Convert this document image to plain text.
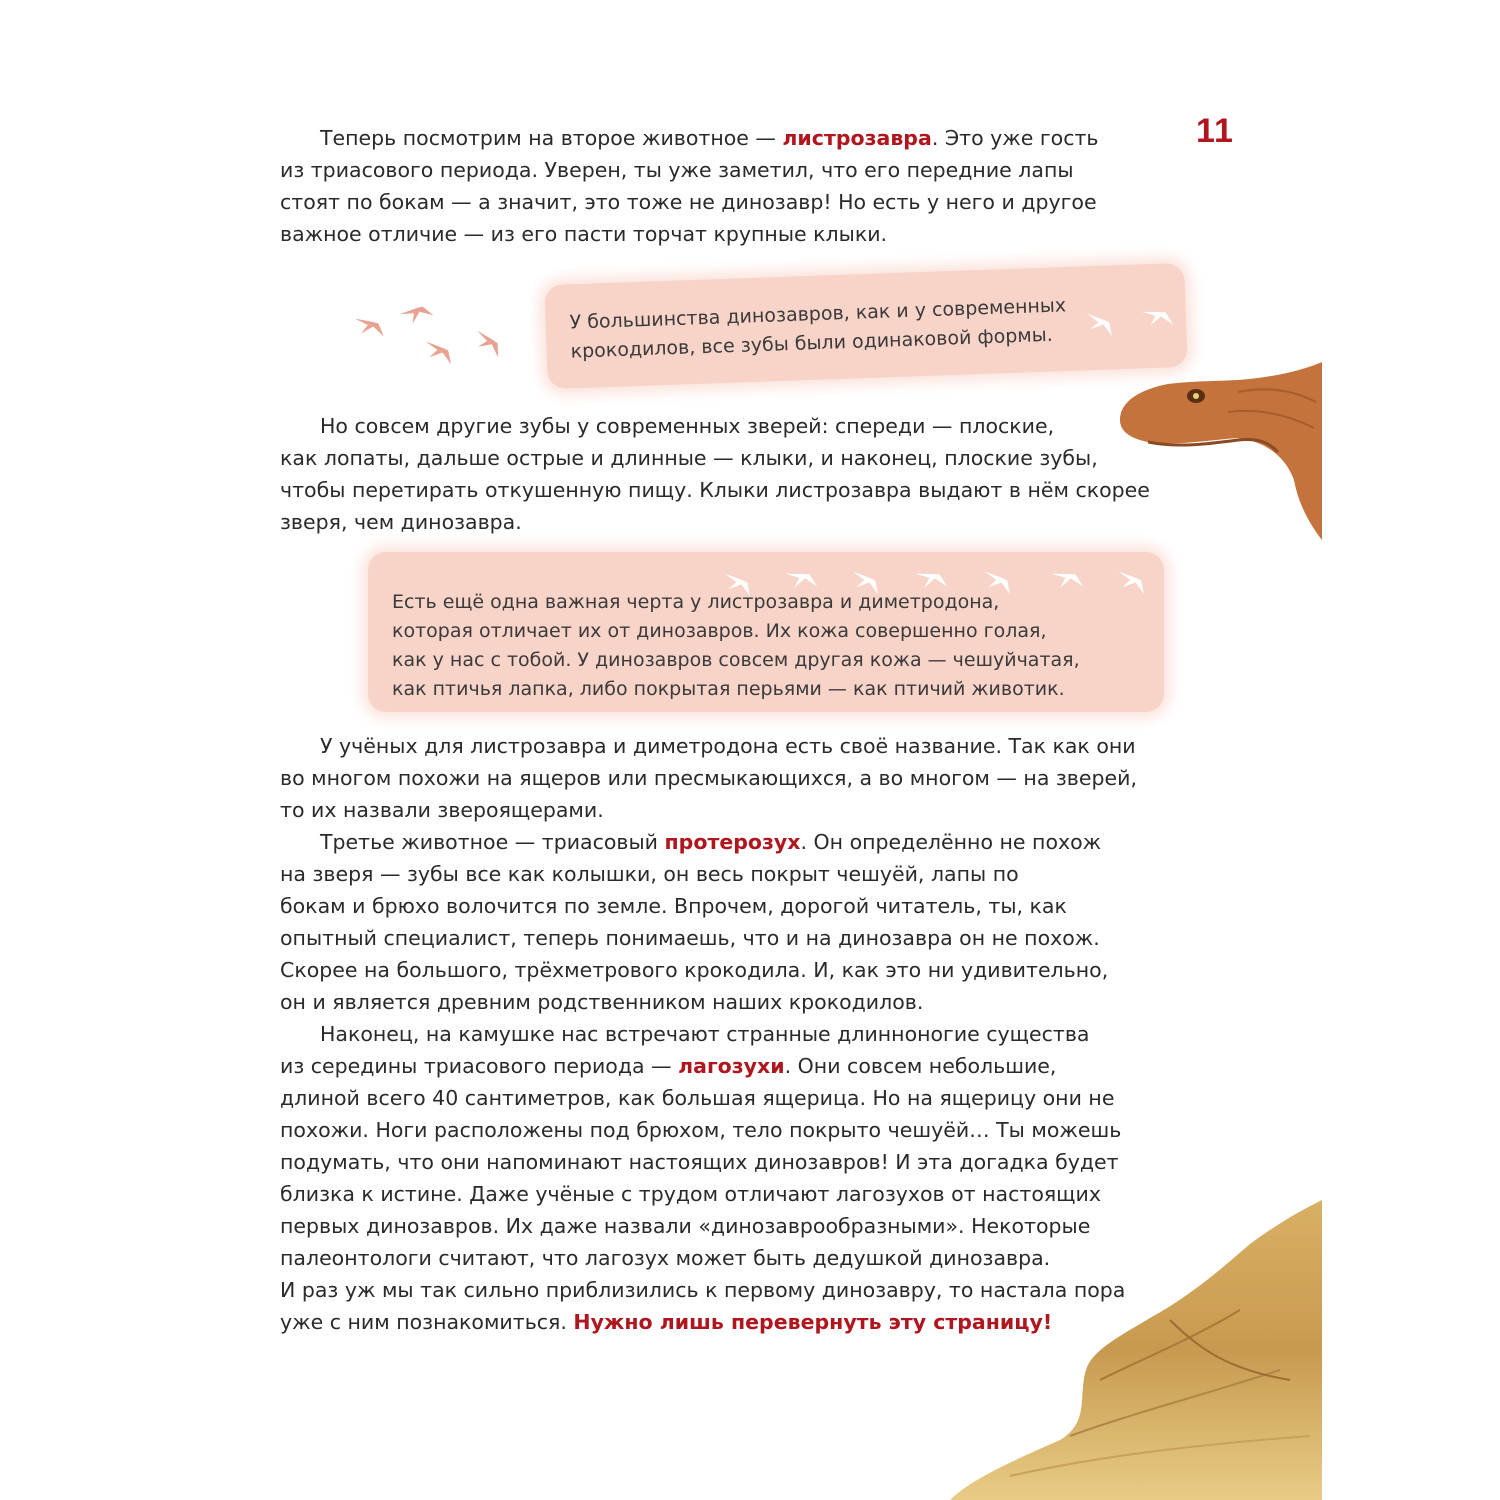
11

Теперь посмотрим на второе животное — листрозавра. Это уже гость
из триасового периода. Уверен, ты уже заметил, что его передние лапы
стоят по бокам — а значит, это тоже не динозавр! Но есть у него и другое
важное отличие — из его пасти торчат крупные клыки.

У большинства динозавров, как и у современных
крокодилов, все зубы были одинаковой формы.

Но совсем другие зубы у современных зверей: спереди — плоские,
как лопаты, дальше острые и длинные — клыки, и наконец, плоские зубы,
чтобы перетирать откушенную пищу. Клыки листрозавра выдают в нём скорее
зверя, чем динозавра.

Есть ещё одна важная черта у листрозавра и диметродона,
которая отличает их от динозавров. Их кожа совершенно голая,
как у нас с тобой. У динозавров совсем другая кожа — чешуйчатая,
как птичья лапка, либо покрытая перьями — как птичий животик.

У учёных для листрозавра и диметродона есть своё название. Так как они
во многом похожи на ящеров или пресмыкающихся, а во многом — на зверей,
то их назвали звероящерами.

Третье животное — триасовый протерозух. Он определённо не похож
на зверя — зубы все как колышки, он весь покрыт чешуёй, лапы по
бокам и брюхо волочится по земле. Впрочем, дорогой читатель, ты, как
опытный специалист, теперь понимаешь, что и на динозавра он не похож.
Скорее на большого, трёхметрового крокодила. И, как это ни удивительно,
он и является древним родственником наших крокодилов.

Наконец, на камушке нас встречают странные длинноногие существа
из середины триасового периода — лагозухи. Они совсем небольшие,
длиной всего 40 сантиметров, как большая ящерица. Но на ящерицу они не
похожи. Ноги расположены под брюхом, тело покрыто чешуёй… Ты можешь
подумать, что они напоминают настоящих динозавров! И эта догадка будет
близка к истине. Даже учёные с трудом отличают лагозухов от настоящих
первых динозавров. Их даже назвали «динозаврообразными». Некоторые
палеонтологи считают, что лагозух может быть дедушкой динозавра.
И раз уж мы так сильно приблизились к первому динозавру, то настала пора
уже с ним познакомиться. Нужно лишь перевернуть эту страницу!
